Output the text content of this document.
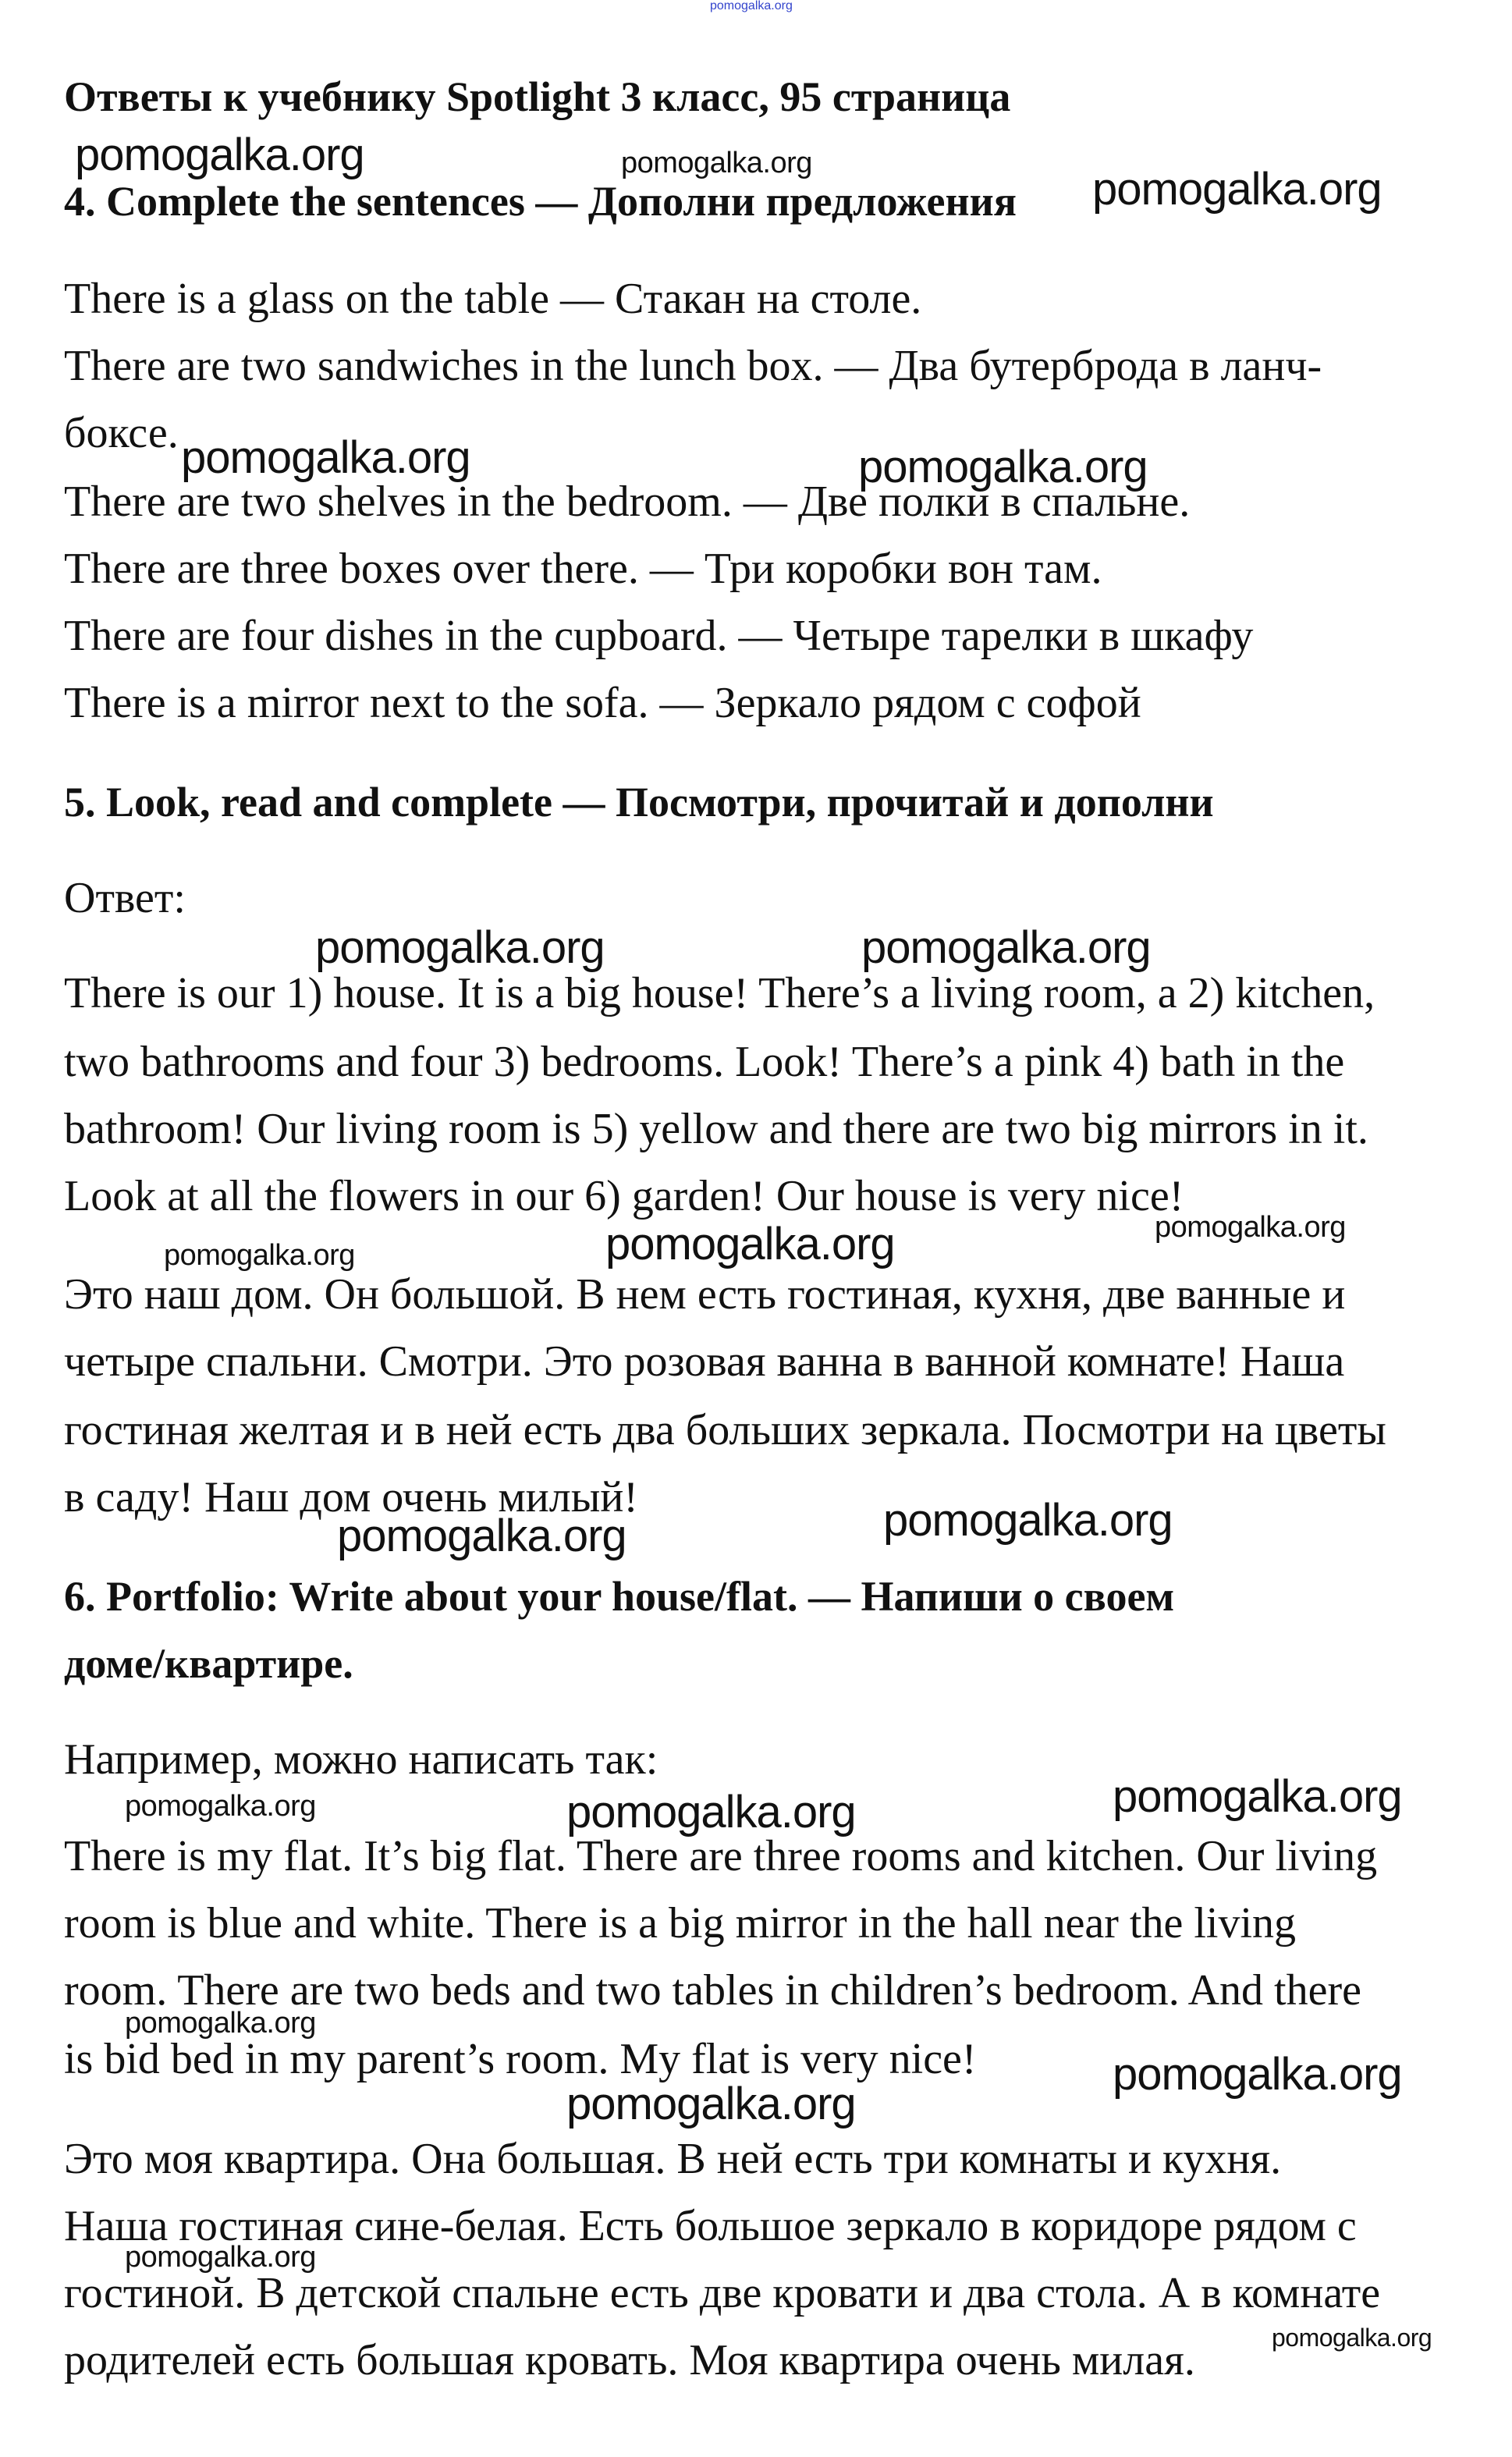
pomogalka.org
Ответы к учебнику Spotlight 3 класс, 95 страница
pomogalka.org	pomogalka.org
4. Complete the sentences — Дополни предложения pomogalka.org
There is a glass on the table — Стакан на столе.
There are two sandwiches in the lunch box. — Два бутерброда в ланч-
боксе. pomogalka.org	pomogalka.org
There are two shelves in the bedroom. — Две полки в спальне.
There are three boxes over there. — Три коробки вон там.
There are four dishes in the cupboard. — Четыре тарелки в шкафу
There is a mirror next to the sofa. — Зеркало рядом с софой
5. Look, read and complete — Посмотри, прочитай и дополни
Ответ:
pomogalka.org	pomogalka.org
There is our 1) house. It is a big house! There’s a living room, a 2) kitchen,
two bathrooms and four 3) bedrooms. Look! There’s a pink 4) bath in the
bathroom! Our living room is 5) yellow and there are two big mirrors in it.
Look at all the flowers in our 6) garden! Our house is very nice!
pomogalka.org	pomogalka.org	pomogalka.org
Это наш дом. Он большой. В нем есть гостиная, кухня, две ванные и
четыре спальни. Смотри. Это розовая ванна в ванной комнате! Наша
гостиная желтая и в ней есть два больших зеркала. Посмотри на цветы
в саду! Наш дом очень милый!
pomogalka.org	pomogalka.org
6. Portfolio: Write about your house/flat. — Напиши о своем
доме/квартире.
Например, можно написать так:
pomogalka.org	pomogalka.org	pomogalka.org
There is my flat. It’s big flat. There are three rooms and kitchen. Our living
room is blue and white. There is a big mirror in the hall near the living
room. There are two beds and two tables in children’s bedroom. And there
pomogalka.org
is bid bed in my parent’s room. My flat is very nice!	pomogalka.org
pomogalka.org
Это моя квартира. Она большая. В ней есть три комнаты и кухня.
Наша гостиная сине-белая. Есть большое зеркало в коридоре рядом с
pomogalka.org
гостиной. В детской спальне есть две кровати и два стола. А в комнате
родителей есть большая кровать. Моя квартира очень милая.	pomogalka.org
